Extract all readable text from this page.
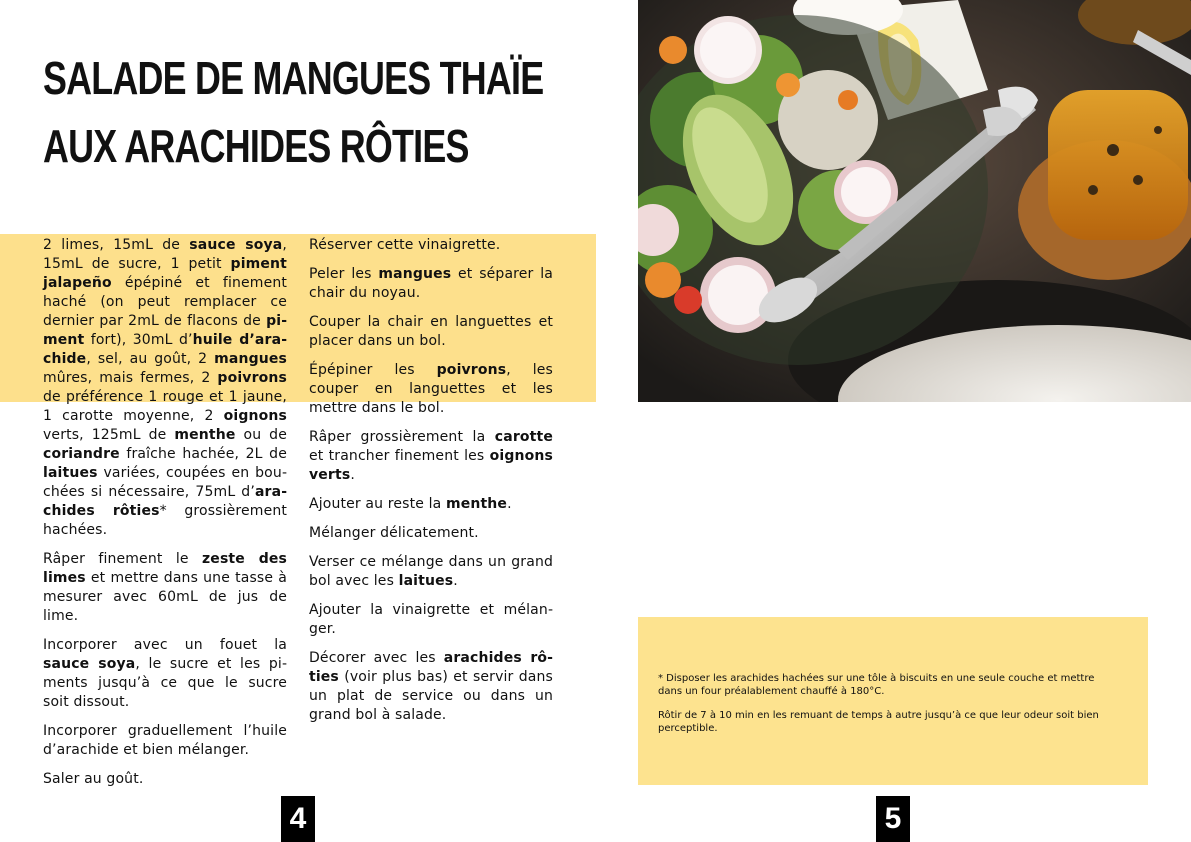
SALADE DE MANGUES THAÏE
AUX ARACHIDES RÔTIES

2 limes, 15mL de sauce soya, 15mL de sucre, 1 petit piment jalapeño épépiné et finement haché (on peut remplacer ce dernier par 2mL de flacons de piment fort), 30mL d’huile d’arachide, sel, au goût, 2 mangues mûres, mais fermes, 2 poivrons de préférence 1 rouge et 1 jaune, 1 carotte moyenne, 2 oignons verts, 125mL de menthe ou de coriandre fraîche hachée, 2L de laitues variées, coupées en bouchées si nécessaire, 75mL d’arachides rôties* grossièrement hachées.

Râper finement le zeste des limes et mettre dans une tasse à mesurer avec 60mL de jus de lime.

Incorporer avec un fouet la sauce soya, le sucre et les piments jusqu’à ce que le sucre soit dissout.

Incorporer graduellement l’huile d’arachide et bien mélanger.

Saler au goût.

Réserver cette vinaigrette.

Peler les mangues et séparer la chair du noyau.

Couper la chair en languettes et placer dans un bol.

Épépiner les poivrons, les couper en languettes et les mettre dans le bol.

Râper grossièrement la carotte et trancher finement les oignons verts.

Ajouter au reste la menthe.

Mélanger délicatement.

Verser ce mélange dans un grand bol avec les laitues.

Ajouter la vinaigrette et mélanger.

Décorer avec les arachides rôties (voir plus bas) et servir dans un plat de service ou dans un grand bol à salade.

4

* Disposer les arachides hachées sur une tôle à biscuits en une seule couche et mettre dans un four préalablement chauffé à 180°C.

Rôtir de 7 à 10 min en les remuant de temps à autre jusqu’à ce que leur odeur soit bien perceptible.

5
